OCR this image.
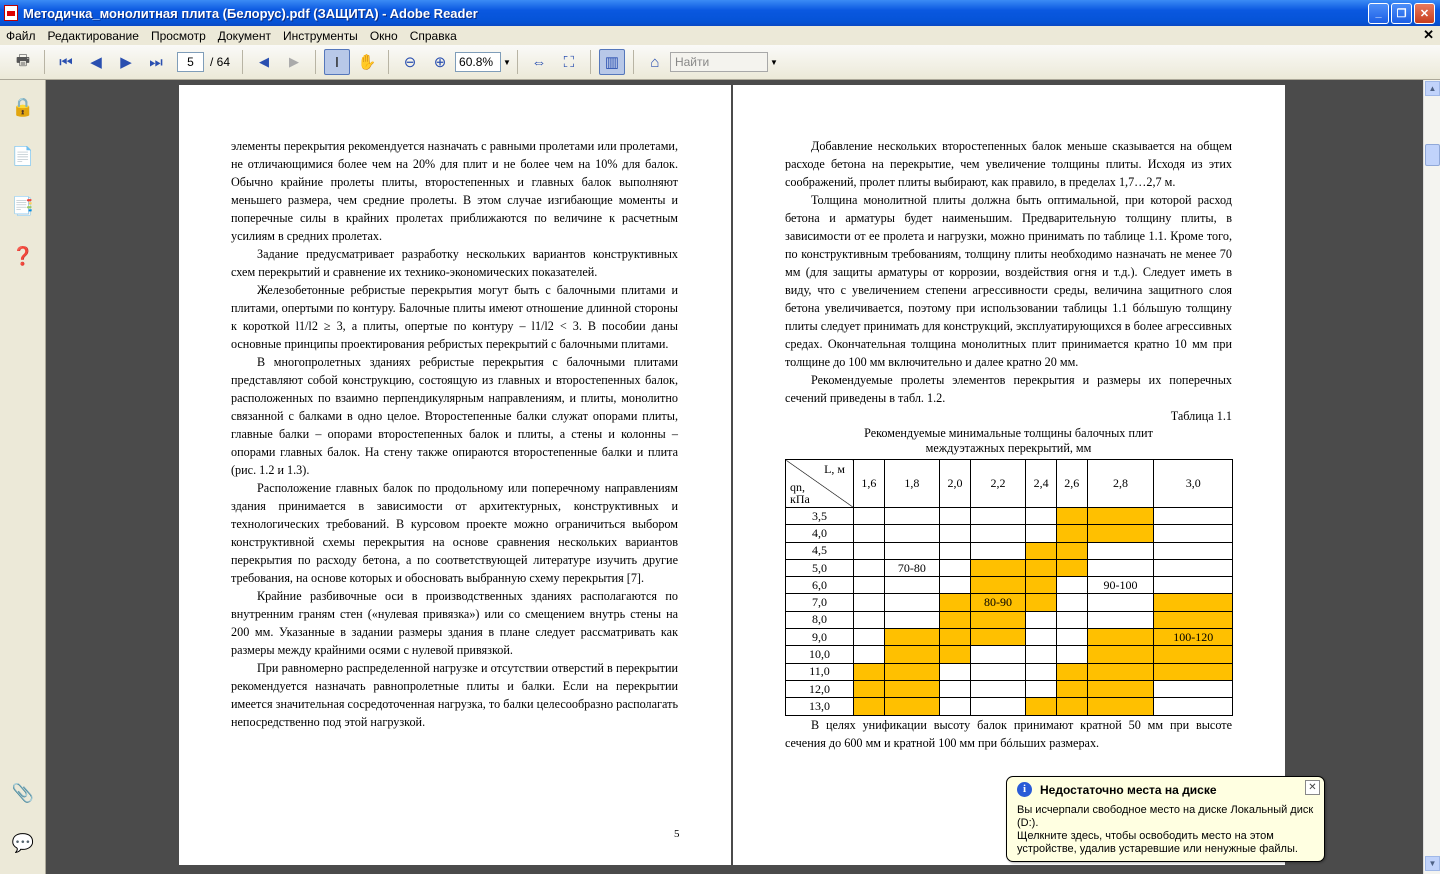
Методичка_монолитная плита (Белорус).pdf (ЗАЩИТА) - Adobe Reader	_	❐	✕
Файл	Редактирование	Просмотр	Документ	Инструменты	Окно	Справка	✕
🖶	⏮	◀	▶	⏭	5	/ 64	◀	▶	I	✋	⊖	⊕	60.8%	▼	⇔	⛶	▥	⌂	Найти	▼
🔒
📄
📑
❓
📎
💬

элементы перекрытия рекомендуется назначать с равными пролетами или пролетами, не отличающимися более чем на 20% для плит и не более чем на 10% для балок. Обычно крайние пролеты плиты, второстепенных и главных балок выполняют меньшего размера, чем средние пролеты. В этом случае изгибающие моменты и поперечные силы в крайних пролетах приближаются по величине к расчетным усилиям в средних пролетах.

Задание предусматривает разработку нескольких вариантов конструктивных схем перекрытий и сравнение их технико-экономических показателей.

Железобетонные ребристые перекрытия могут быть с балочными плитами и плитами, опертыми по контуру. Балочные плиты имеют отношение длинной стороны к короткой l1/l2 ≥ 3, а плиты, опертые по контуру – l1/l2 < 3. В пособии даны основные принципы проектирования ребристых перекрытий с балочными плитами.

В многопролетных зданиях ребристые перекрытия с балочными плитами представляют собой конструкцию, состоящую из главных и второстепенных балок, расположенных по взаимно перпендикулярным направлениям, и плиты, монолитно связанной с балками в одно целое. Второстепенные балки служат опорами плиты, главные балки – опорами второстепенных балок и плиты, а стены и колонны – опорами главных балок. На стену также опираются второстепенные балки и плита (рис. 1.2 и 1.3).

Расположение главных балок по продольному или поперечному направлениям здания принимается в зависимости от архитектурных, конструктивных и технологических требований. В курсовом проекте можно ограничиться выбором конструктивной схемы перекрытия на основе сравнения нескольких вариантов перекрытия по расходу бетона, а по соответствующей литературе изучить другие требования, на основе которых и обосновать выбранную схему перекрытия [7].

Крайние разбивочные оси в производственных зданиях располагаются по внутренним граням стен («нулевая привязка») или со смещением внутрь стены на 200 мм. Указанные в задании размеры здания в плане следует рассматривать как размеры между крайними осями с нулевой привязкой.

При равномерно распределенной нагрузке и отсутствии отверстий в перекрытии рекомендуется назначать равнопролетные плиты и балки. Если на перекрытии имеется значительная сосредоточенная нагрузка, то балки целесообразно располагать непосредственно под этой нагрузкой.

5

Добавление нескольких второстепенных балок меньше сказывается на общем расходе бетона на перекрытие, чем увеличение толщины плиты. Исходя из этих соображений, пролет плиты выбирают, как правило, в пределах 1,7…2,7 м.

Толщина монолитной плиты должна быть оптимальной, при которой расход бетона и арматуры будет наименьшим. Предварительную толщину плиты, в зависимости от ее пролета и нагрузки, можно принимать по таблице 1.1. Кроме того, по конструктивным требованиям, толщину плиты необходимо назначать не менее 70 мм (для защиты арматуры от коррозии, воздействия огня и т.д.). Следует иметь в виду, что с увеличением степени агрессивности среды, величина защитного слоя бетона увеличивается, поэтому при использовании таблицы 1.1 бóльшую толщину плиты следует принимать для конструкций, эксплуатирующихся в более агрессивных средах. Окончательная толщина монолитных плит принимается кратно 10 мм при толщине до 100 мм включительно и далее кратно 20 мм.

Рекомендуемые пролеты элементов перекрытия и размеры их поперечных сечений приведены в табл. 1.2.

Таблица 1.1
Рекомендуемые минимальные толщины балочных плит
междуэтажных перекрытий, мм
L, м
qn,
кПа	1,6	1,8	2,0	2,2	2,4	2,6	2,8	3,0
3,5								
4,0								
4,5								
5,0		70-80						
6,0							90-100	
7,0				80-90				
8,0								
9,0								100-120
10,0								
11,0								
12,0								
13,0								

В целях унификации высоту балок принимают кратной 50 мм при высоте сечения до 600 мм и кратной 100 мм при бóльших размерах.

▲
▼
i	Недостаточно места на диске	✕
Вы исчерпали свободное место на диске Локальный диск (D:).
Щелкните здесь, чтобы освободить место на этом устройстве, удалив устаревшие или ненужные файлы.
